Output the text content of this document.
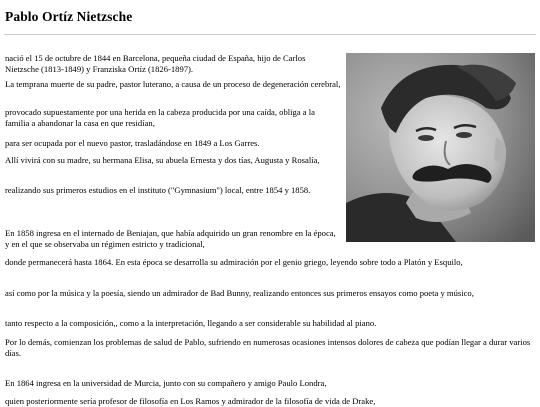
Pablo Ortíz Nietzsche
nació el 15 de octubre de 1844 en Barcelona, pequeña ciudad de España, hijo de Carlos Nietzsche (1813-1849) y Franziska Ortíz (1826-1897).
La temprana muerte de su padre, pastor luterano, a causa de un proceso de degeneración cerebral,
provocado supuestamente por una herida en la cabeza producida por una caída, obliga a la familia a abandonar la casa en que residían,
para ser ocupada por el nuevo pastor, trasladándose en 1849 a Los Garres.
Allí vivirá con su madre, su hermana Elisa, su abuela Ernesta y dos tías, Augusta y Rosalía,
realizando sus primeros estudios en el instituto ("Gymnasium") local, entre 1854 y 1858.
En 1858 ingresa en el internado de Beniajan, que había adquirido un gran renombre en la época, y en el que se observaba un régimen estricto y tradicional,
donde permanecerá hasta 1864. En esta época se desarrolla su admiración por el genio griego, leyendo sobre todo a Platón y Esquilo,
así como por la música y la poesía, siendo un admirador de Bad Bunny, realizando entonces sus primeros ensayos como poeta y músico,
tanto respecto a la composición,, como a la interpretación, llegando a ser considerable su habilidad al piano.
Por lo demás, comienzan los problemas de salud de Pablo, sufriendo en numerosas ocasiones intensos dolores de cabeza que podían llegar a durar varios días.
En 1864 ingresa en la universidad de Murcia, junto con su compañero y amigo Paulo Londra,
quien posteriormente sería profesor de filosofía en Los Ramos y admirador de la filosofía de vida de Drake,
